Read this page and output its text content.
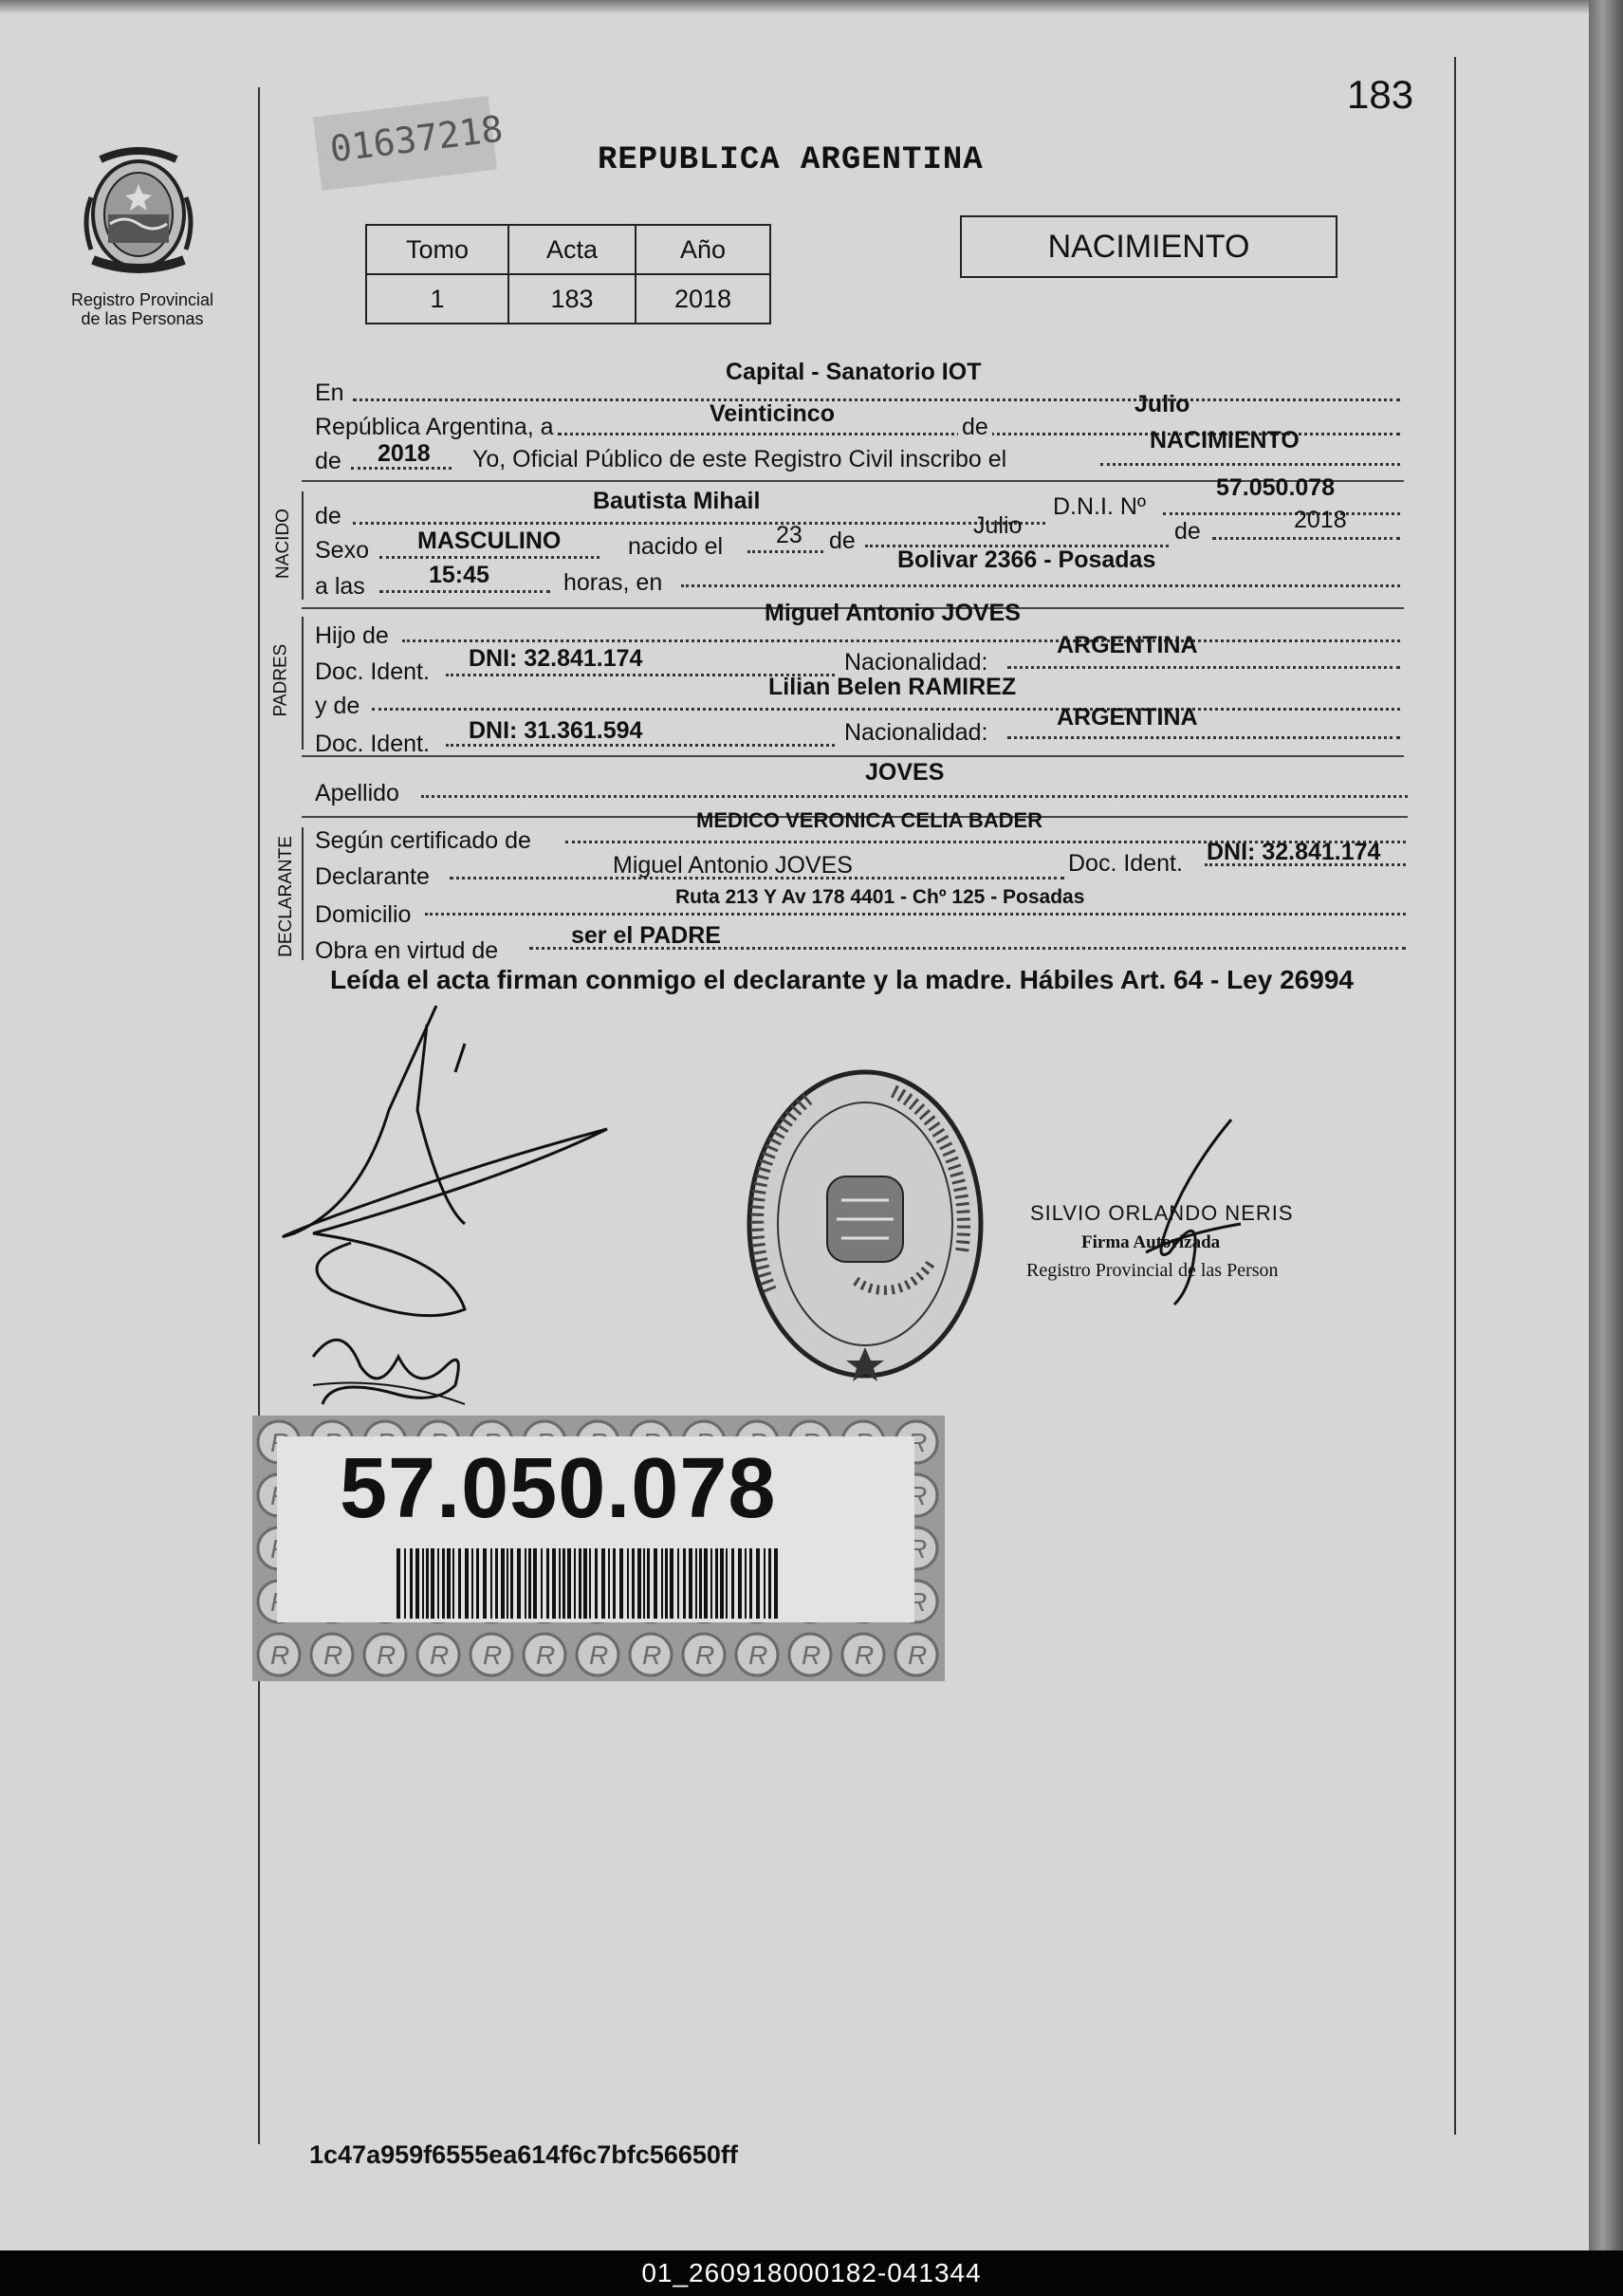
Registro Provincial
de las Personas
01637218	REPUBLICA ARGENTINA
183
Tomo	Acta	Año
1	183	2018
NACIMIENTO
En
Capital - Sanatorio IOT
República Argentina, a	Veinticinco	de
Julio
de 2018 Yo, Oficial Público de este Registro Civil inscribo el
NACIMIENTO
NACIDO de
Bautista Mihail	D.N.I. Nº
57.050.078
Sexo MASCULINO	nacido el 23 de
Julio	de	2018
a las	15:45	horas, en
Bolivar 2366 - Posadas
PADRES
Hijo de
Miguel Antonio JOVES
Doc. Ident. DNI: 32.841.174	Nacionalidad:
ARGENTINA
y de
Lilian Belen RAMIREZ
Doc. Ident. DNI: 31.361.594	Nacionalidad:
ARGENTINA
Apellido
JOVES
DECLARANTE Según certificado de
MEDICO VERONICA CELIA BADER
Declarante	Miguel Antonio JOVES	Doc. Ident. DNI: 32.841.174
Domicilio
Ruta 213 Y Av 178 4401 - Chº 125 - Posadas
Obra en virtud de
ser el PADRE
Leída el acta firman conmigo el declarante y la madre. Hábiles Art. 64 - Ley 26994
SILVIO ORLANDO NERIS
Firma Autorizada
Registro Provincial de las Person
57.050.078
1c47a959f6555ea614f6c7bfc56650ff
01_260918000182-041344
